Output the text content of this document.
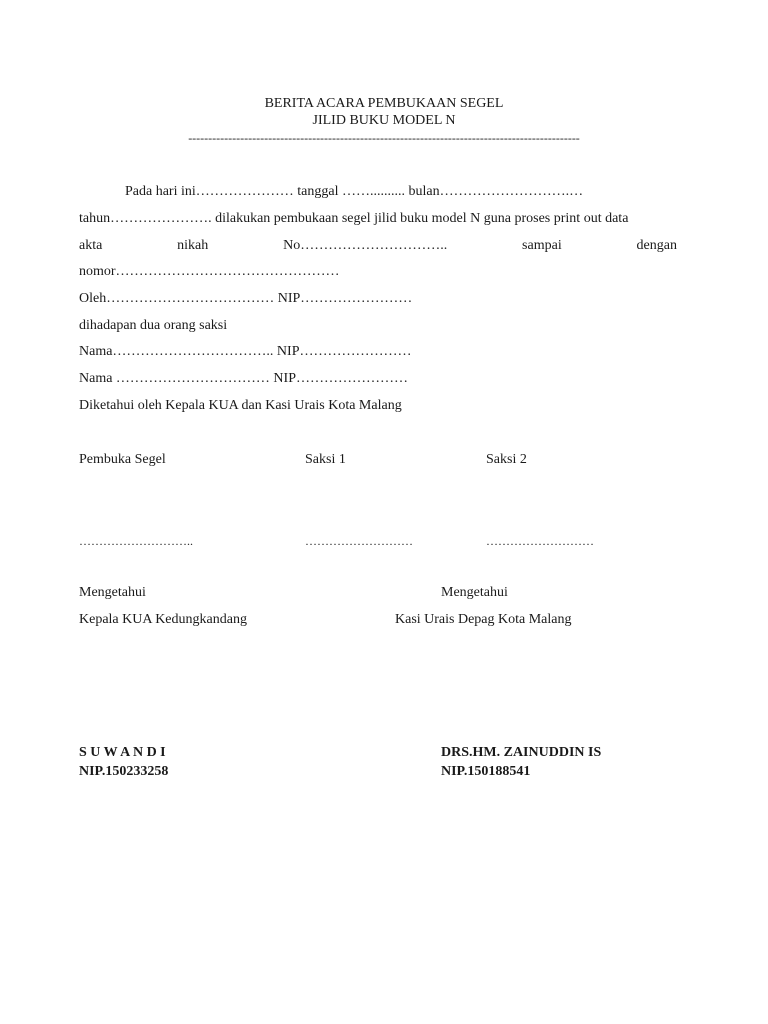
BERITA ACARA PEMBUKAAN SEGEL
JILID BUKU MODEL N
--------------------------------------------------------------------------------------------------
Pada hari ini………………… tanggal …….......... bulan……………………….…
tahun…………………. dilakukan pembukaan segel jilid buku model N guna proses print out data
akta	nikah	No…………………………..	sampai	dengan
nomor…………………………………………
Oleh……………………………… NIP……………………
dihadapan dua orang saksi
Nama…………………………….. NIP……………………
Nama …………………………… NIP……………………
Diketahui oleh Kepala KUA dan Kasi Urais Kota Malang
Pembuka Segel	Saksi 1	Saksi 2
………………………..	………………………	………………………
Mengetahui	Mengetahui
Kepala KUA Kedungkandang	Kasi Urais Depag Kota Malang
S U W A N D I	DRS.HM. ZAINUDDIN IS
NIP.150233258	NIP.150188541
